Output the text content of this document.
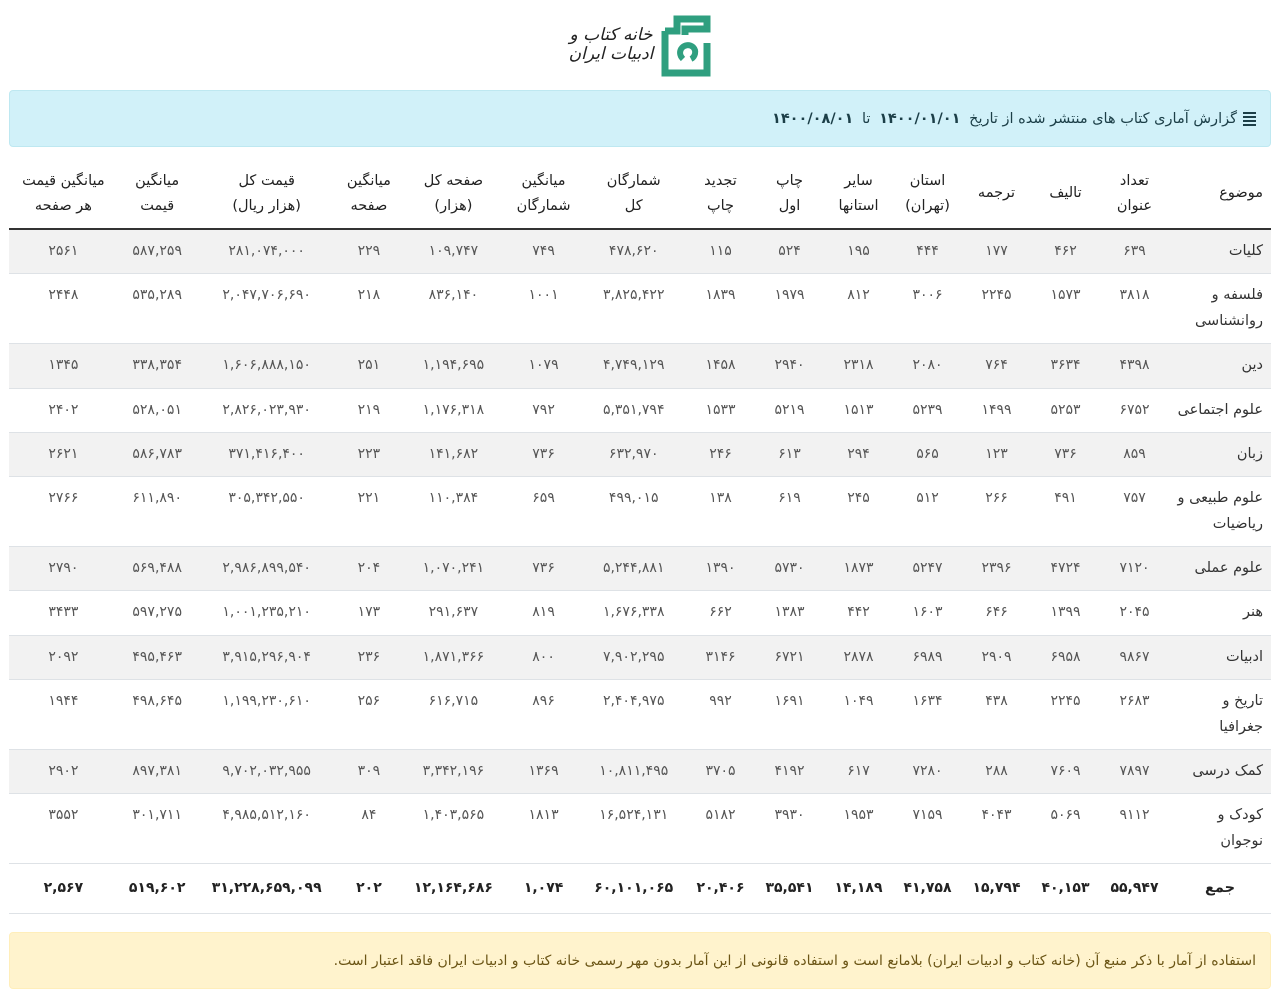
خانه کتاب و
ادبیات ایران
گزارش آماری کتاب های منتشر شده از تاریخ ۱۴۰۰/۰۱/۰۱ تا ۱۴۰۰/۰۸/۰۱
موضوع

تعداد
عنوان

تالیف

ترجمه

استان
(تهران)

سایر
استانها

چاپ
اول

تجدید
چاپ

شمارگان
کل

میانگین
شمارگان

صفحه کل
(هزار)

میانگین
صفحه

قیمت کل
(هزار ریال)

میانگین
قیمت

میانگین قیمت
هر صفحه

کلیات	۶۳۹	۴۶۲	۱۷۷	۴۴۴	۱۹۵	۵۲۴	۱۱۵	۴۷۸,۶۲۰	۷۴۹	۱۰۹,۷۴۷	۲۲۹	۲۸۱,۰۷۴,۰۰۰	۵۸۷,۲۵۹	۲۵۶۱
فلسفه و روانشناسی	۳۸۱۸	۱۵۷۳	۲۲۴۵	۳۰۰۶	۸۱۲	۱۹۷۹	۱۸۳۹	۳,۸۲۵,۴۲۲	۱۰۰۱	۸۳۶,۱۴۰	۲۱۸	۲,۰۴۷,۷۰۶,۶۹۰	۵۳۵,۲۸۹	۲۴۴۸
دین	۴۳۹۸	۳۶۳۴	۷۶۴	۲۰۸۰	۲۳۱۸	۲۹۴۰	۱۴۵۸	۴,۷۴۹,۱۲۹	۱۰۷۹	۱,۱۹۴,۶۹۵	۲۵۱	۱,۶۰۶,۸۸۸,۱۵۰	۳۳۸,۳۵۴	۱۳۴۵
علوم اجتماعی	۶۷۵۲	۵۲۵۳	۱۴۹۹	۵۲۳۹	۱۵۱۳	۵۲۱۹	۱۵۳۳	۵,۳۵۱,۷۹۴	۷۹۲	۱,۱۷۶,۳۱۸	۲۱۹	۲,۸۲۶,۰۲۳,۹۳۰	۵۲۸,۰۵۱	۲۴۰۲
زبان	۸۵۹	۷۳۶	۱۲۳	۵۶۵	۲۹۴	۶۱۳	۲۴۶	۶۳۲,۹۷۰	۷۳۶	۱۴۱,۶۸۲	۲۲۳	۳۷۱,۴۱۶,۴۰۰	۵۸۶,۷۸۳	۲۶۲۱
علوم طبیعی و ریاضیات	۷۵۷	۴۹۱	۲۶۶	۵۱۲	۲۴۵	۶۱۹	۱۳۸	۴۹۹,۰۱۵	۶۵۹	۱۱۰,۳۸۴	۲۲۱	۳۰۵,۳۴۲,۵۵۰	۶۱۱,۸۹۰	۲۷۶۶
علوم عملی	۷۱۲۰	۴۷۲۴	۲۳۹۶	۵۲۴۷	۱۸۷۳	۵۷۳۰	۱۳۹۰	۵,۲۴۴,۸۸۱	۷۳۶	۱,۰۷۰,۲۴۱	۲۰۴	۲,۹۸۶,۸۹۹,۵۴۰	۵۶۹,۴۸۸	۲۷۹۰
هنر	۲۰۴۵	۱۳۹۹	۶۴۶	۱۶۰۳	۴۴۲	۱۳۸۳	۶۶۲	۱,۶۷۶,۳۳۸	۸۱۹	۲۹۱,۶۳۷	۱۷۳	۱,۰۰۱,۲۳۵,۲۱۰	۵۹۷,۲۷۵	۳۴۳۳
ادبیات	۹۸۶۷	۶۹۵۸	۲۹۰۹	۶۹۸۹	۲۸۷۸	۶۷۲۱	۳۱۴۶	۷,۹۰۲,۲۹۵	۸۰۰	۱,۸۷۱,۳۶۶	۲۳۶	۳,۹۱۵,۲۹۶,۹۰۴	۴۹۵,۴۶۳	۲۰۹۲
تاریخ و جغرافیا	۲۶۸۳	۲۲۴۵	۴۳۸	۱۶۳۴	۱۰۴۹	۱۶۹۱	۹۹۲	۲,۴۰۴,۹۷۵	۸۹۶	۶۱۶,۷۱۵	۲۵۶	۱,۱۹۹,۲۳۰,۶۱۰	۴۹۸,۶۴۵	۱۹۴۴
کمک درسی	۷۸۹۷	۷۶۰۹	۲۸۸	۷۲۸۰	۶۱۷	۴۱۹۲	۳۷۰۵	۱۰,۸۱۱,۴۹۵	۱۳۶۹	۳,۳۴۲,۱۹۶	۳۰۹	۹,۷۰۲,۰۳۲,۹۵۵	۸۹۷,۳۸۱	۲۹۰۲
کودک و نوجوان	۹۱۱۲	۵۰۶۹	۴۰۴۳	۷۱۵۹	۱۹۵۳	۳۹۳۰	۵۱۸۲	۱۶,۵۲۴,۱۳۱	۱۸۱۳	۱,۴۰۳,۵۶۵	۸۴	۴,۹۸۵,۵۱۲,۱۶۰	۳۰۱,۷۱۱	۳۵۵۲
جمع	۵۵,۹۴۷	۴۰,۱۵۳	۱۵,۷۹۴	۴۱,۷۵۸	۱۴,۱۸۹	۳۵,۵۴۱	۲۰,۴۰۶	۶۰,۱۰۱,۰۶۵	۱,۰۷۴	۱۲,۱۶۴,۶۸۶	۲۰۲	۳۱,۲۲۸,۶۵۹,۰۹۹	۵۱۹,۶۰۲	۲,۵۶۷
استفاده از آمار با ذکر منبع آن (خانه کتاب و ادبیات ایران) بلامانع است و استفاده قانونی از این آمار بدون مهر رسمی خانه کتاب و ادبیات ایران فاقد اعتبار است.
